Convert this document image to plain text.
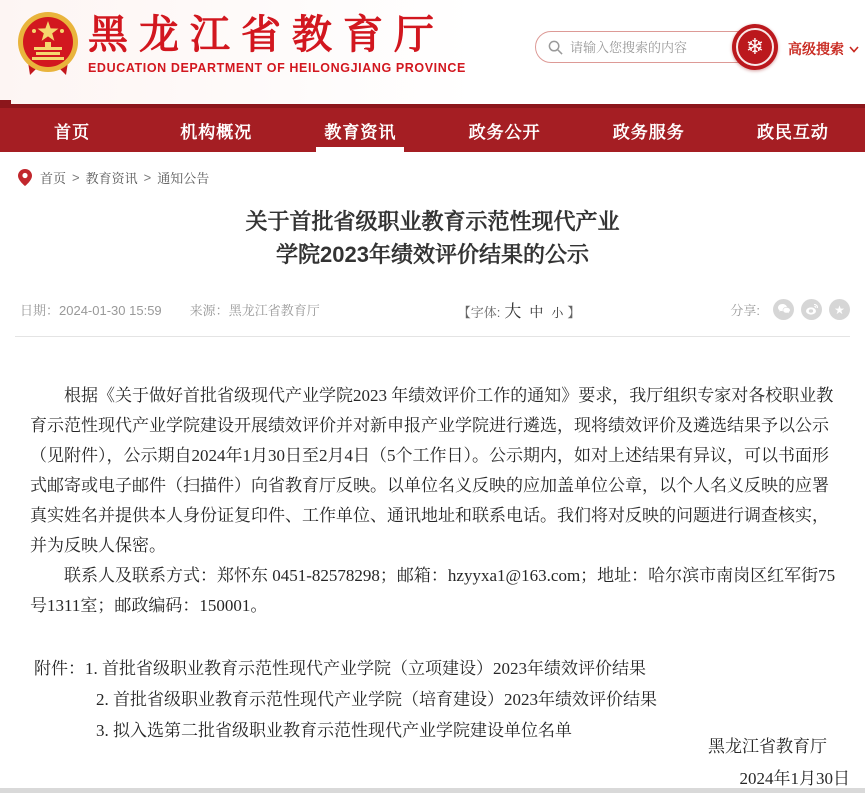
黑龙江省教育厅
EDUCATION DEPARTMENT OF HEILONGJIANG PROVINCE
请输入您搜索的内容
❄	高级搜索
首页	机构概况	教育资讯	政务公开	政务服务	政民互动
首页 > 教育资讯 > 通知公告
关于首批省级职业教育示范性现代产业
学院2023年绩效评价结果的公示
日期：2024-01-30 15:59 来源：黑龙江省教育厅	【字体: 大 中 小 】	分享:	★

根据《关于做好首批省级现代产业学院2023 年绩效评价工作的通知》要求，我厅组织专家对各校职业教育示范性现代产业学院建设开展绩效评价并对新申报产业学院进行遴选，现将绩效评价及遴选结果予以公示（见附件），公示期自2024年1月30日至2月4日（5个工作日）。公示期内，如对上述结果有异议，可以书面形式邮寄或电子邮件（扫描件）向省教育厅反映。以单位名义反映的应加盖单位公章，以个人名义反映的应署真实姓名并提供本人身份证复印件、工作单位、通讯地址和联系电话。我们将对反映的问题进行调查核实，并为反映人保密。

联系人及联系方式：郑怀东 0451-82578298；邮箱：hzyyxa1@163.com；地址：哈尔滨市南岗区红军街75号1311室；邮政编码：150001。

附件： 1. 首批省级职业教育示范性现代产业学院（立项建设）2023年绩效评价结果
2. 首批省级职业教育示范性现代产业学院（培育建设）2023年绩效评价结果
3. 拟入选第二批省级职业教育示范性现代产业学院建设单位名单
黑龙江省教育厅
2024年1月30日
